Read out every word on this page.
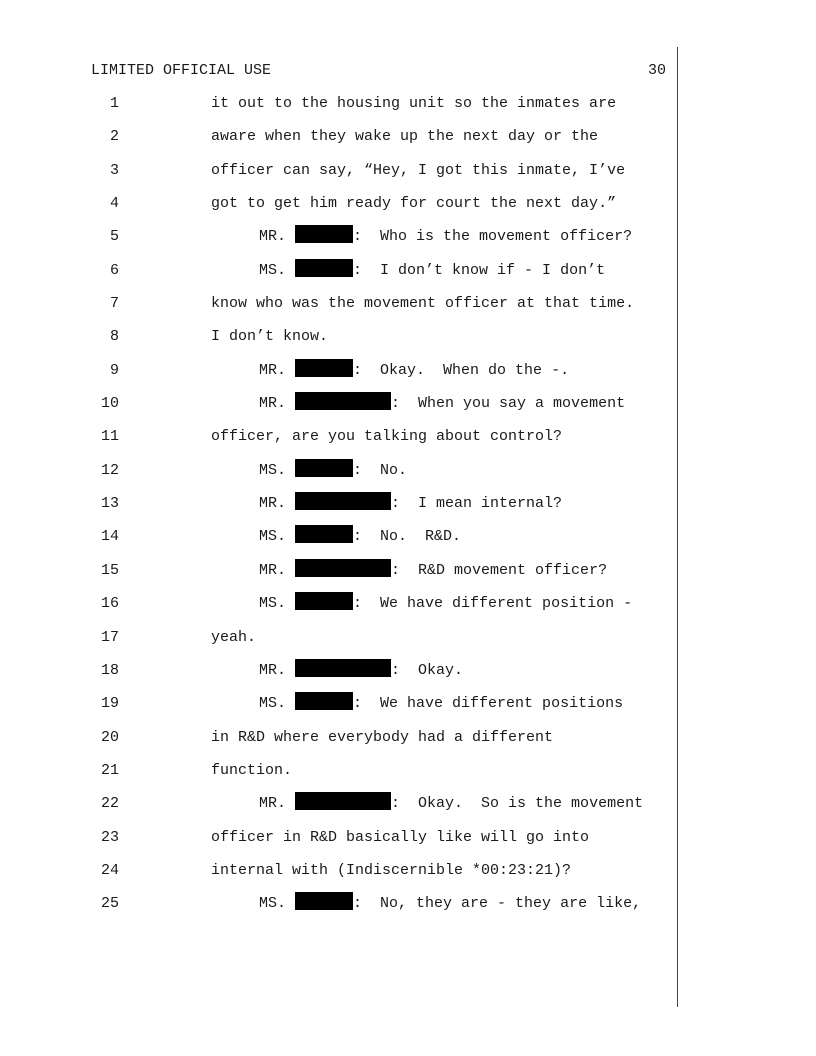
LIMITED OFFICIAL USE	30
1	it out to the housing unit so the inmates are
2	aware when they wake up the next day or the
3	officer can say, “Hey, I got this inmate, I’ve
4	got to get him ready for court the next day.”
5	MR.	:  Who is the movement officer?
6	MS.	:  I don’t know if - I don’t
7	know who was the movement officer at that time.
8	I don’t know.
9	MR.	:  Okay.  When do the -.
10	MR.	:  When you say a movement
11	officer, are you talking about control?
12	MS.	:  No.
13	MR.	:  I mean internal?
14	MS.	:  No.  R&D.
15	MR.	:  R&D movement officer?
16	MS.	:  We have different position -
17	yeah.
18	MR.	:  Okay.
19	MS.	:  We have different positions
20	in R&D where everybody had a different
21	function.
22	MR.	:  Okay.  So is the movement
23	officer in R&D basically like will go into
24	internal with (Indiscernible *00:23:21)?
25	MS.	:  No, they are - they are like,
